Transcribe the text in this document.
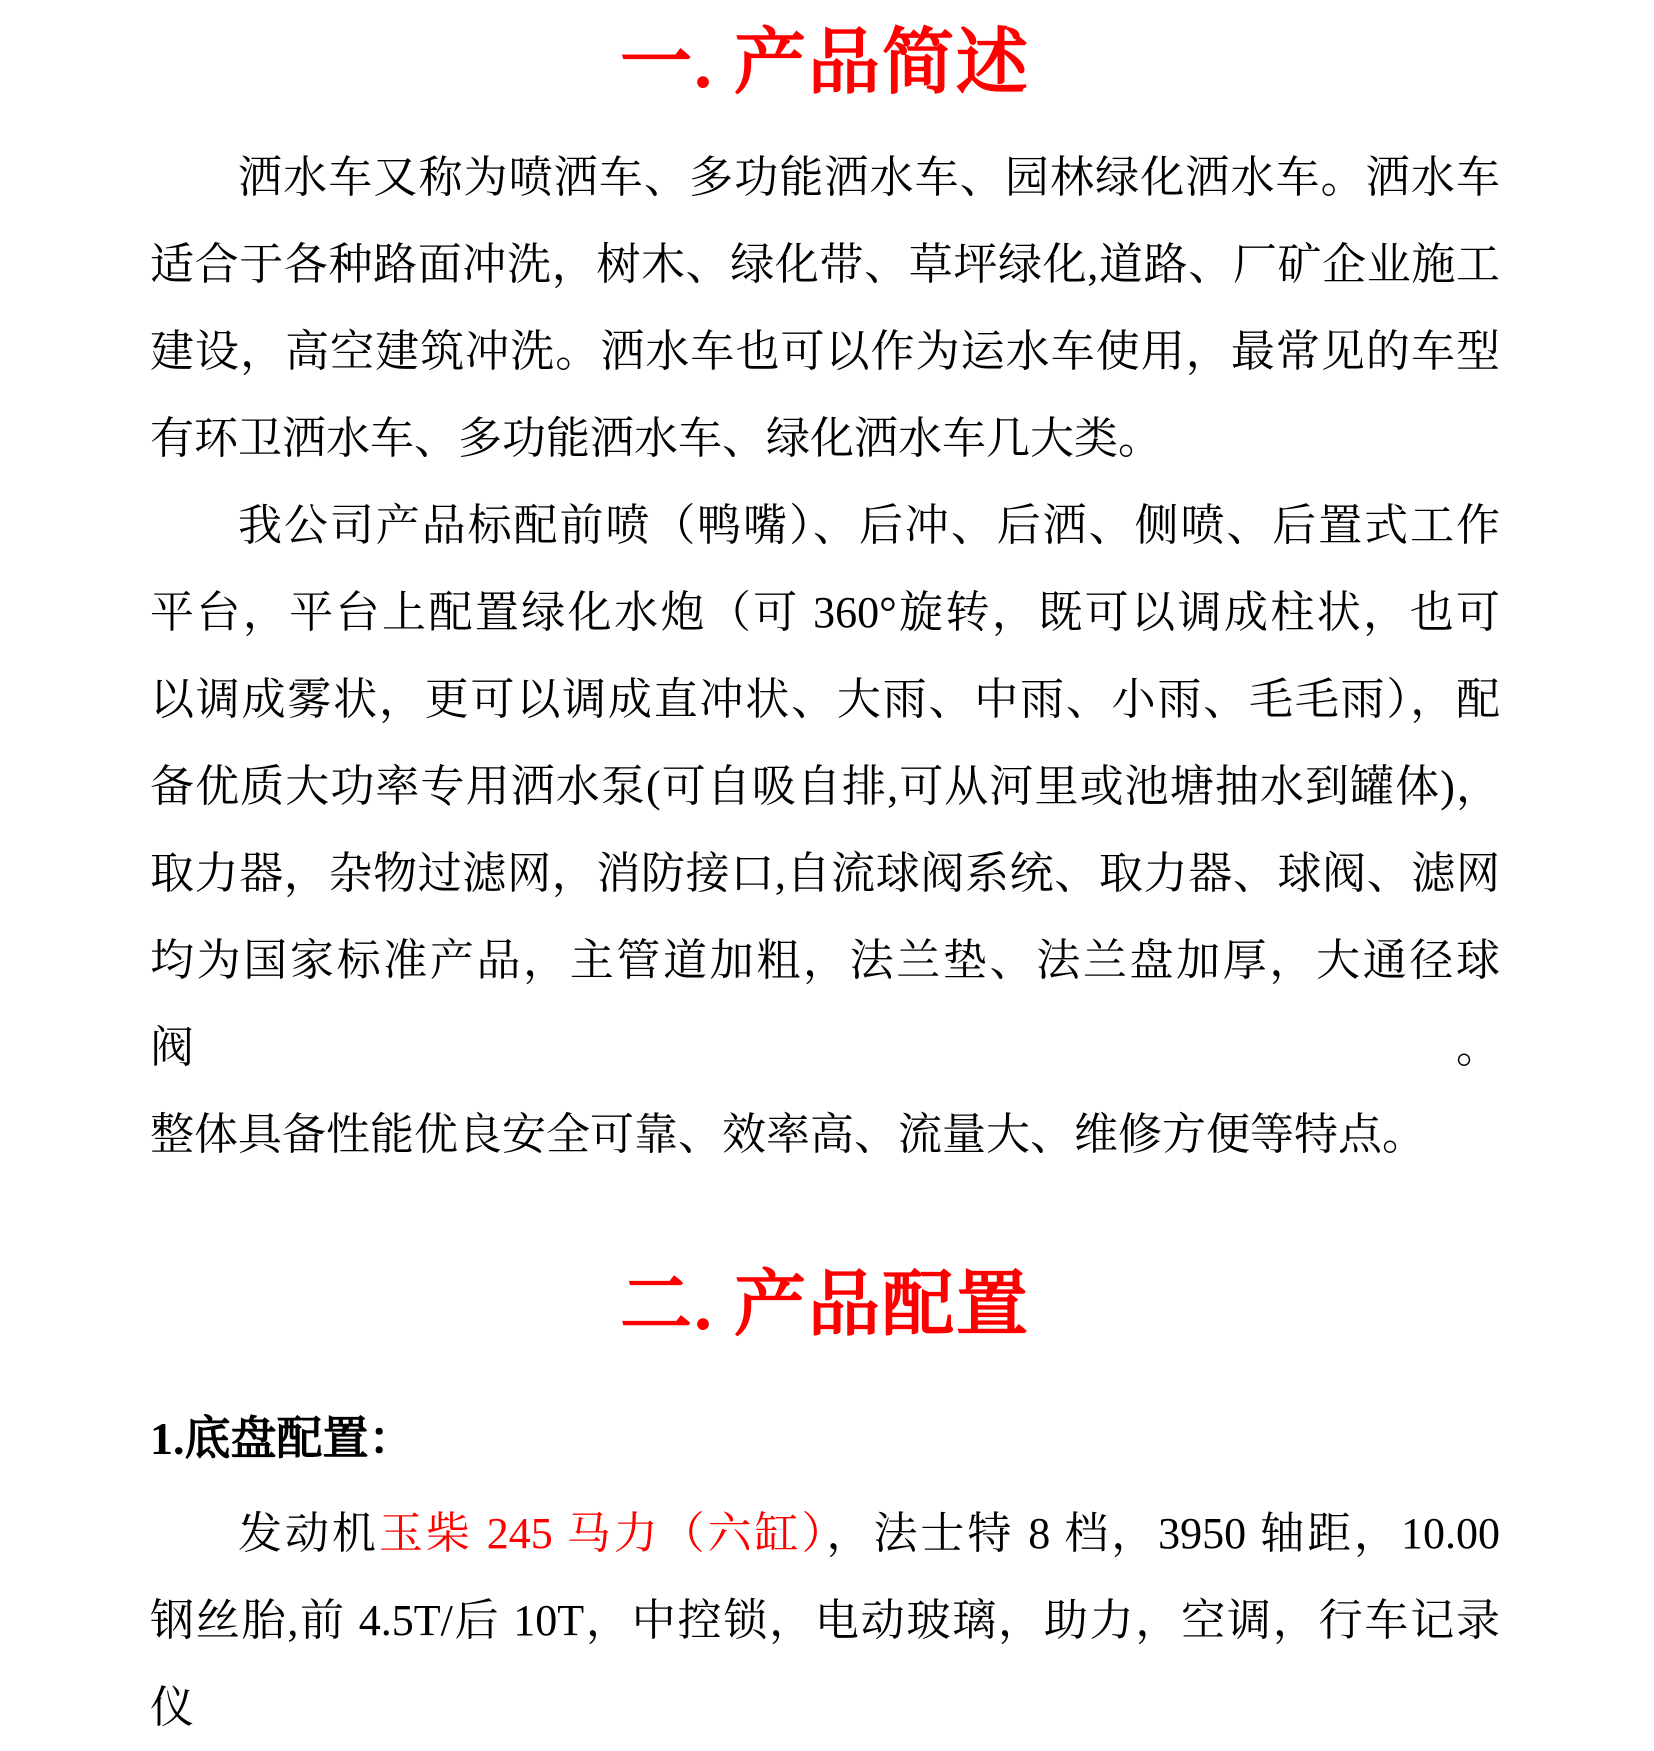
一. 产品简述
洒水车又称为喷洒车、多功能洒水车、园林绿化洒水车。洒水车
适合于各种路面冲洗，树木、绿化带、草坪绿化,道路、厂矿企业施工
建设，高空建筑冲洗。洒水车也可以作为运水车使用，最常见的车型
有环卫洒水车、多功能洒水车、绿化洒水车几大类。
我公司产品标配前喷（鸭嘴）、后冲、后洒、侧喷、后置式工作
平台，平台上配置绿化水炮（可 360°旋转，既可以调成柱状，也可
以调成雾状，更可以调成直冲状、大雨、中雨、小雨、毛毛雨），配
备优质大功率专用洒水泵(可自吸自排,可从河里或池塘抽水到罐体)，
取力器，杂物过滤网，消防接口,自流球阀系统、取力器、球阀、滤网
均为国家标准产品，主管道加粗，法兰垫、法兰盘加厚，大通径球阀。
整体具备性能优良安全可靠、效率高、流量大、维修方便等特点。
二. 产品配置
1.底盘配置：
发动机玉柴 245 马力（六缸），法士特 8 档，3950 轴距，10.00
钢丝胎,前 4.5T/后 10T，中控锁，电动玻璃，助力，空调，行车记录
仪
